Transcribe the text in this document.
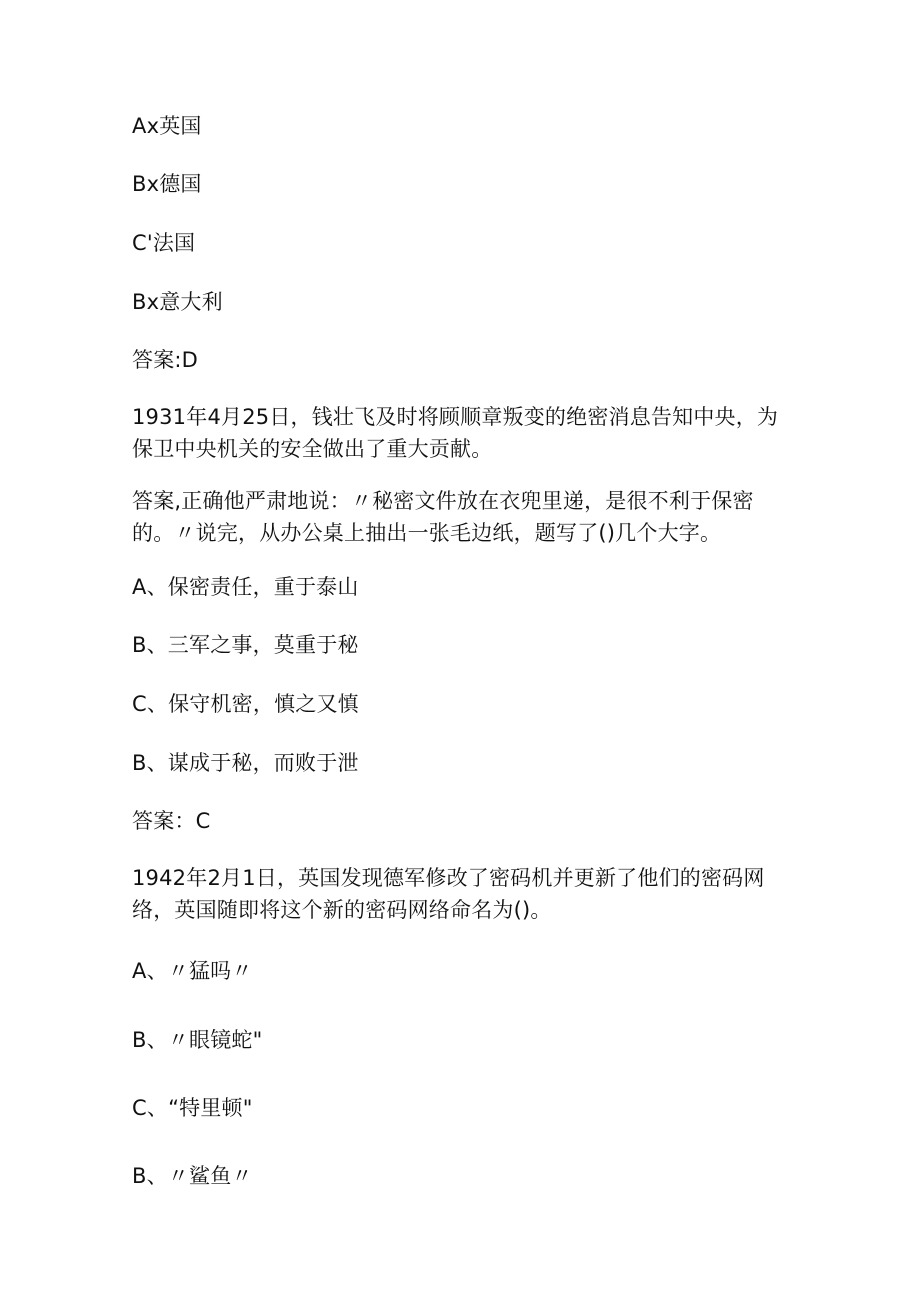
Ax英国
Bx德国
C'法国
Bx意大利
答案:D
1931年4月25日，钱壮飞及时将顾顺章叛变的绝密消息告知中央，为
保卫中央机关的安全做出了重大贡献。
答案,正确他严肃地说：〃秘密文件放在衣兜里递，是很不利于保密
的。〃说完，从办公桌上抽出一张毛边纸，题写了()几个大字。
A、保密责任，重于泰山
B、三军之事，莫重于秘
C、保守机密，慎之又慎
B、谋成于秘，而败于泄
答案：C
1942年2月1日，英国发现德军修改了密码机并更新了他们的密码网
络，英国随即将这个新的密码网络命名为()。
A、〃猛吗〃
B、〃眼镜蛇"
C、“特里顿"
B、〃鲨鱼〃
